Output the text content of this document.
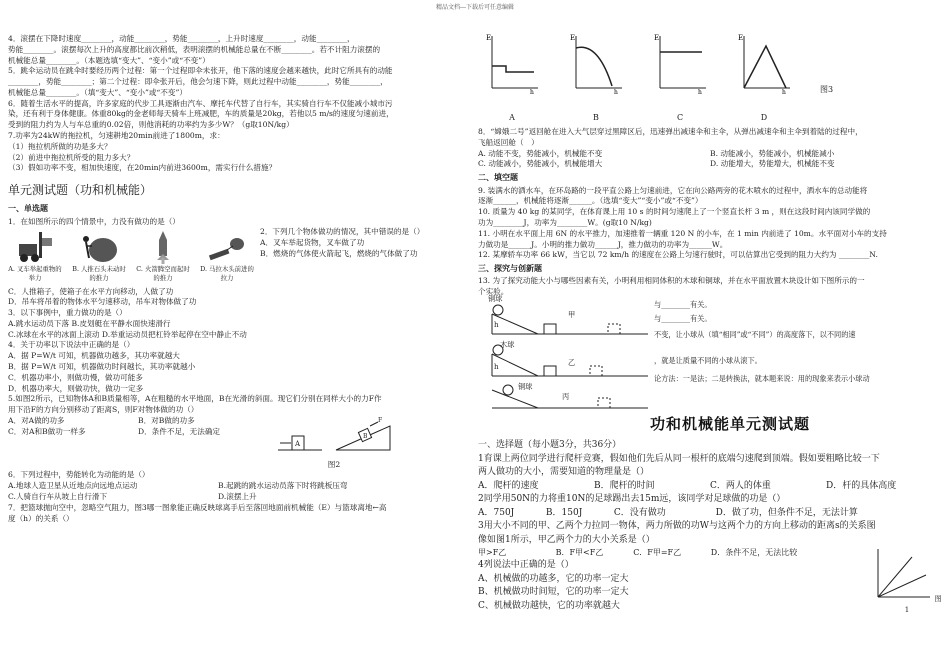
精品文档---下载后可任意编辑

4．滚摆在下降时速度________，动能________，势能________，上升时速度________，动能________，

势能________。滚摆每次上升的高度都比前次稍低，表明滚摆的机械能总量在不断________。若不计阻力滚摆的

机械能总量________。（本题选填“变大”、“变小”或“不变”）

5．跳伞运动员在跳伞时要经历两个过程：第一个过程即伞未张开，他下落的速度会越来越快，此时它所具有的动能

________，势能________；第二个过程：即伞张开后，他会匀速下降，则此过程中动能________，势能________，

机械能总量________。（填“变大”、“变小”或“不变”）

6．随着生活水平的提高，许多家庭的代步工具逐渐由汽车、摩托车代替了自行车，其实骑自行车不仅能减小城市污

染，还有利于身体健康。体重80kg的金老师每天骑车上班减肥，车的质量是20kg，若他以5 m/s的速度匀速前进，

受到的阻力约为人与车总重的0.02倍，则他消耗的功率约为多少W？（g取10N/kg）

7.功率为24kW的拖拉机，匀速耕地20min前进了1800m，求：

（1）拖拉机所做的功是多大？

（2）前进中拖拉机所受的阻力多大？

（3）假如功率不变，相加快速度，在20min内前进3600m，需实行什么措施？

单元测试题（功和机械能）
一、单选题

1．在如图所示的四个情景中，力没有做功的是（）

A. 叉车举起重物的举力
B. 人推石头未动时的推力
C. 火箭腾空而起时的推力
D. 马拉木头前进的拉力

2．下列几个物体做功的情况，其中错误的是（）

A．叉车举起货物，叉车做了功

B．燃烧的气体使火箭起飞，燃烧的气体做了功

C．人推箱子，使箱子在水平方向移动，人做了功

D．吊车将吊着的物体水平匀速移动，吊车对物体做了功

3．以下事例中，重力做功的是（）

A.跳水运动员下落 B.皮划艇在平静水面快速滑行

C.冰球在水平的冰面上滚动 D.举重运动员把杠铃举起停在空中静止不动

4．关于功率以下说法中正确的是（）

A．据 P=W/t 可知，机器做功越多，其功率就越大

B．据 P=W/t 可知，机器做功时间越长，其功率就越小

C．机器功率小，则做功慢，做功可能多

D．机器功率大，则做功快，做功一定多

5.如图2所示，已知物体A和B质量相等，A在粗糙的水平地面，B在光滑的斜面。现它们分别在同样大小的力F作

用下沿F的方向分别移动了距离S，则F对物体做的功（）

A．对A做的功多	B．对B做的功多
C．对A和B做功一样多	D．条件不足，无法确定
A
B
F
图2

6．下列过程中，势能转化为动能的是（）

A.地球人造卫星从近地点向远地点运动	B.起跳的跳水运动员落下时将跳板压弯
C.人骑自行车从坡上自行滑下	D.滚摆上升

7．把篮球抛向空中，忽略空气阻力，图3哪一图象能正确反映球离手后至落回地面前机械能（E）与篮球离地←高

度（h）的关系（）

E
h
A
E
h
B
E
h
C
E
h
D
图3

8．“嫦娥二号”返回舱在进入大气层穿过黑障区后，迅速弹出减速伞和主伞，从弹出减速伞和主伞到着陆的过程中，

飞船返回舱（　）

A. 动能不变，势能减小，机械能不变	B. 动能减小，势能减小，机械能减小
C. 动能减小，势能减小，机械能增大	D. 动能增大，势能增大，机械能不变
二、填空题

9. 装满水的洒水车，在环岛路的一段平直公路上匀速前进，它在向公路两旁的花木喷水的过程中，洒水车的总动能将

逐渐______，机械能将逐渐______。（选填“变大”“变小”或“不变”）

10. 质量为 40 kg 的某同学，在体育课上用 10 s 的时间匀速爬上了一个竖直长杆 3 m ，则在这段时间内该同学做的

功为________J，功率为________W。(g取10 N/kg)

11. 小明在水平面上用 6N 的水平推力，加速推着一辆重 120 N 的小车，在 1 min 内前进了 10m。水平面对小车的支持

力做功是______J。小明的推力做功______J，推力做功的功率为______W。

12. 某摩轿车功率 66 kW，当它以 72 km/h 的速度在公路上匀速行驶时，可以估算出它受到的阻力大约为 ________N.

三、探究与创新题

13. 为了探究动能大小与哪些因素有关，小明利用相同体积的木球和铜球，并在水平面放置木块设计如下图所示的一

个实验。

铜球
h
甲
木球
h	乙
铜球
丙
与________有关。
与________有关。
不变，让小球从（填“相同”或“不同”）的高度落下，以不同的速
，就是让质量不同的小球从滚下。
论方法：一是法；二是转换法，就本题来说：用的现象来表示小球动
功和机械能单元测试题

一、选择题（每小题3分，共36分）

1育课上两位同学进行爬杆竞赛，假如他们先后从同一根杆的底端匀速爬到顶端。假如要粗略比较一下

两人做功的大小，需要知道的物理量是（）

A．爬杆的速度	B．爬杆的时间	C．两人的体重	D．杆的具体高度

2同学用50N的力将重10N的足球踢出去15m远，该同学对足球做的功是（）

A．750J	B．150J	C．没有做功	D．做了功，但条件不足，无法计算

3用大小不同的甲、乙两个力拉同一物体，两力所做的功W与这两个力的方向上移动的距离s的关系图

像如图1所示，甲乙两个力的大小关系是（）

甲>F乙	B．F甲<F乙	C．F甲=F乙	D．条件不足，无法比较

4列说法中正确的是（）

A、机械做的功越多，它的功率一定大

B、机械做功时间短，它的功率一定大

C、机械做功越快，它的功率就越大

图1
